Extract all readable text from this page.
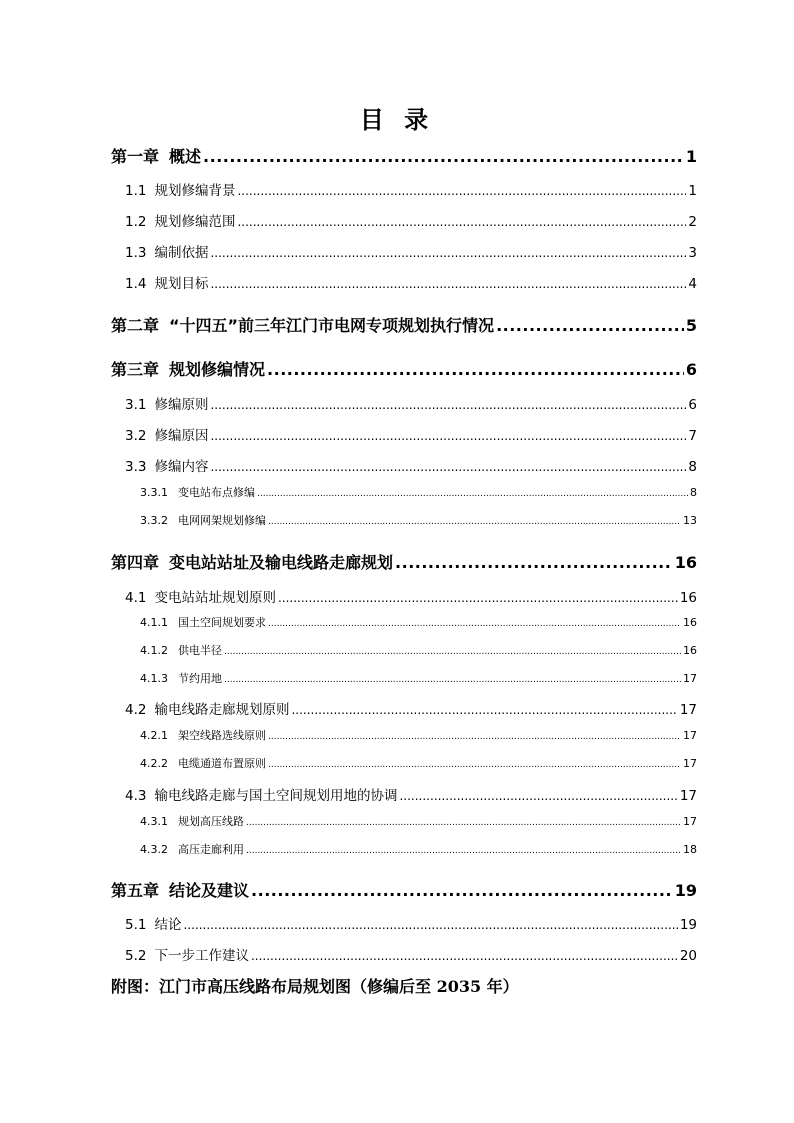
目 录
第一章 概述 .....	1
1.1 规划修编背景 .....	1
1.2 规划修编范围 .....	2
1.3 编制依据 .....	3
1.4 规划目标 .....	4
第二章 “十四五”前三年江门市电网专项规划执行情况 .....	5
第三章 规划修编情况 .....	6
3.1 修编原则 .....	6
3.2 修编原因 .....	7
3.3 修编内容 .....	8
3.3.1 变电站布点修编 .....	8
3.3.2 电网网架规划修编 .....	13
第四章 变电站站址及输电线路走廊规划 .....	16
4.1 变电站站址规划原则 .....	16
4.1.1 国土空间规划要求 .....	16
4.1.2 供电半径 .....	16
4.1.3 节约用地 .....	17
4.2 输电线路走廊规划原则 .....	17
4.2.1 架空线路选线原则 .....	17
4.2.2 电缆通道布置原则 .....	17
4.3 输电线路走廊与国土空间规划用地的协调 .....	17
4.3.1 规划高压线路 .....	17
4.3.2 高压走廊利用 .....	18
第五章 结论及建议 .....	19
5.1 结论 .....	19
5.2 下一步工作建议 .....	20
附图：江门市高压线路布局规划图（修编后至 2035 年）
